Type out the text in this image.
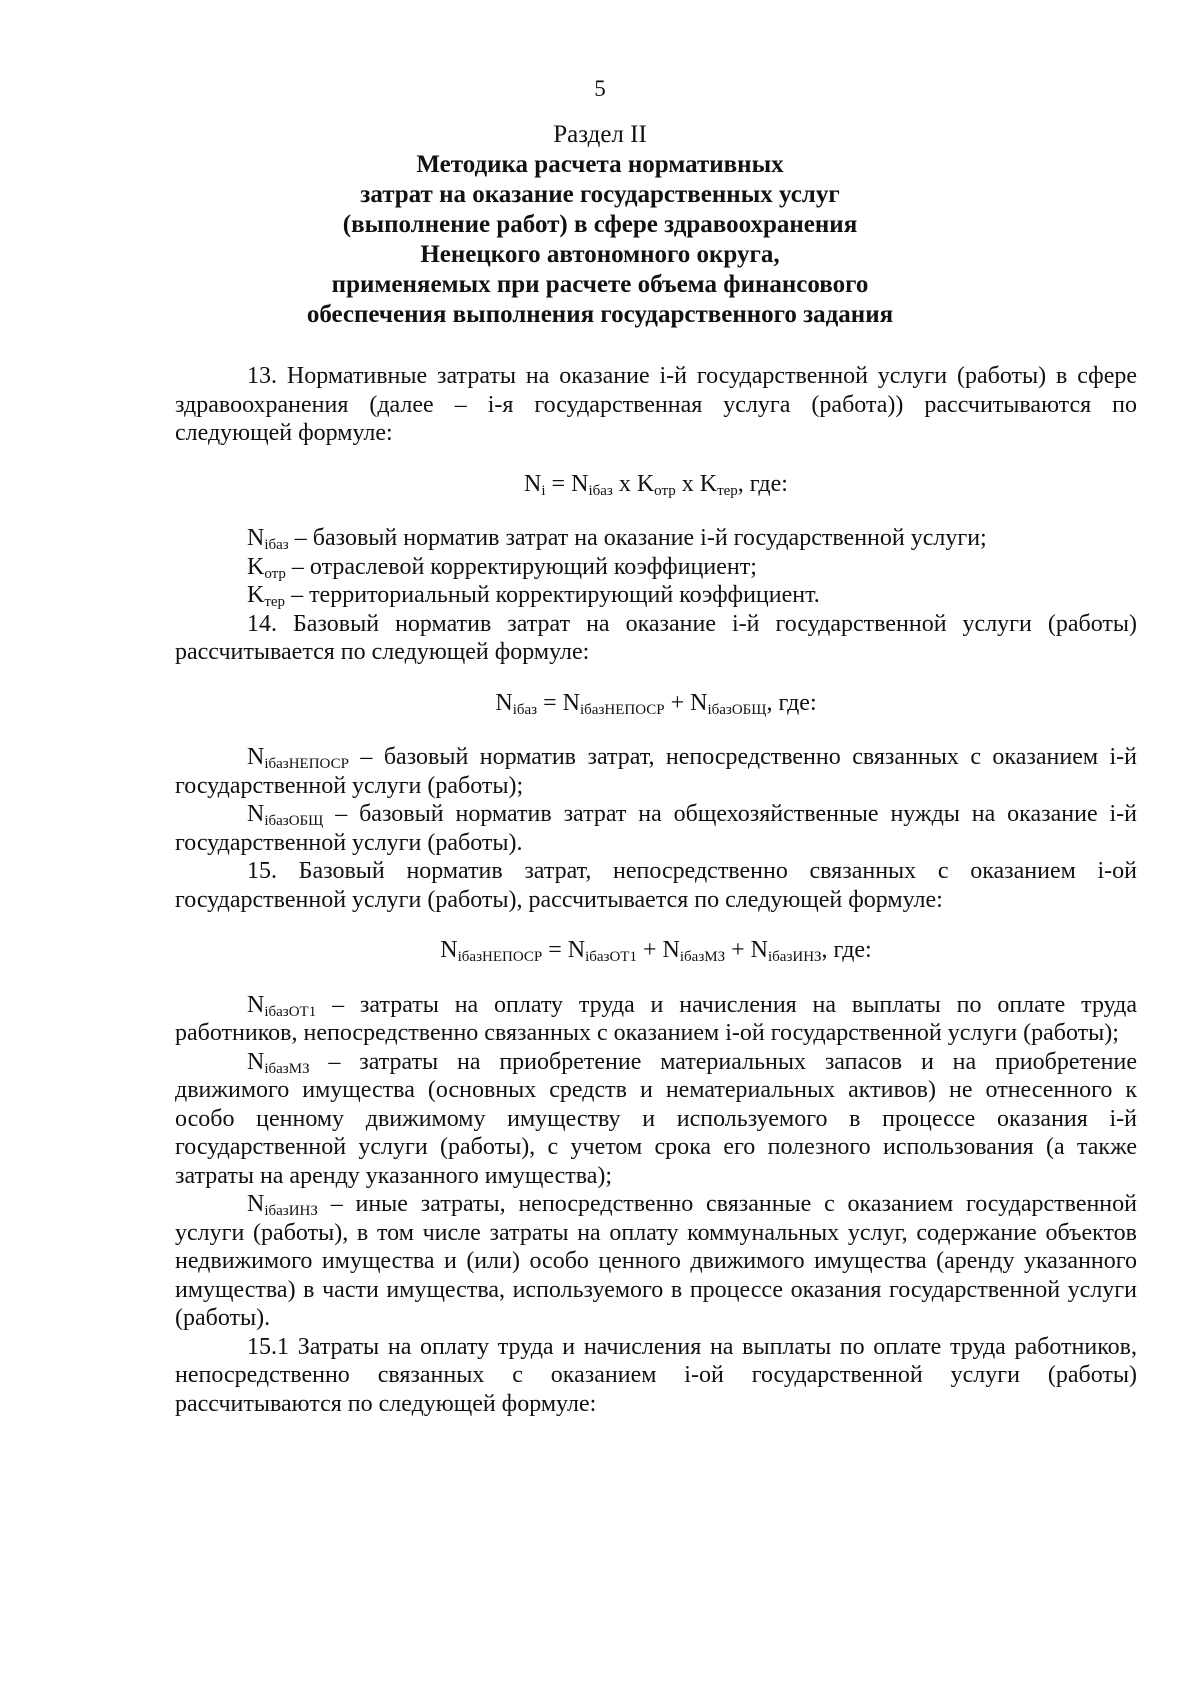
5
Раздел II
Методика расчета нормативных
затрат на оказание государственных услуг
(выполнение работ) в сфере здравоохранения
Ненецкого автономного округа,
применяемых при расчете объема финансового
обеспечения выполнения государственного задания

13. Нормативные затраты на оказание i-й государственной услуги (работы) в сфере здравоохранения (далее – i-я государственная услуга (работа)) рассчитываются по следующей формуле:

$N_i = N_{iбаз}$ x $K_{отр}$ x $K_{тер}$, где:

$N_{iбаз}$ – базовый норматив затрат на оказание i-й государственной услуги;

$K_{отр}$ – отраслевой корректирующий коэффициент;

$K_{тер}$ – территориальный корректирующий коэффициент.

14. Базовый норматив затрат на оказание i-й государственной услуги (работы) рассчитывается по следующей формуле:

$N_{iбаз} = N_{iбазНЕПОСР} + N_{iбазОБЩ}$, где:

$N_{iбазНЕПОСР}$ – базовый норматив затрат, непосредственно связанных с оказанием i-й государственной услуги (работы);

$N_{iбазОБЩ}$ – базовый норматив затрат на общехозяйственные нужды на оказание i-й государственной услуги (работы).

15. Базовый норматив затрат, непосредственно связанных с оказанием i-ой государственной услуги (работы), рассчитывается по следующей формуле:

$N_{iбазНЕПОСР} = N_{iбазОТ1} + N_{iбазМЗ} + N_{iбазИНЗ}$, где:

$N_{iбазОТ1}$ – затраты на оплату труда и начисления на выплаты по оплате труда работников, непосредственно связанных с оказанием i-ой государственной услуги (работы);

$N_{iбазМЗ}$ – затраты на приобретение материальных запасов и на приобретение движимого имущества (основных средств и нематериальных активов) не отнесенного к особо ценному движимому имуществу и используемого в процессе оказания i-й государственной услуги (работы), с учетом срока его полезного использования (а также затраты на аренду указанного имущества);

$N_{iбазИНЗ}$ – иные затраты, непосредственно связанные с оказанием государственной услуги (работы), в том числе затраты на оплату коммунальных услуг, содержание объектов недвижимого имущества и (или) особо ценного движимого имущества (аренду указанного имущества) в части имущества, используемого в процессе оказания государственной услуги (работы).

15.1 Затраты на оплату труда и начисления на выплаты по оплате труда работников, непосредственно связанных с оказанием i-ой государственной услуги (работы) рассчитываются по следующей формуле:
